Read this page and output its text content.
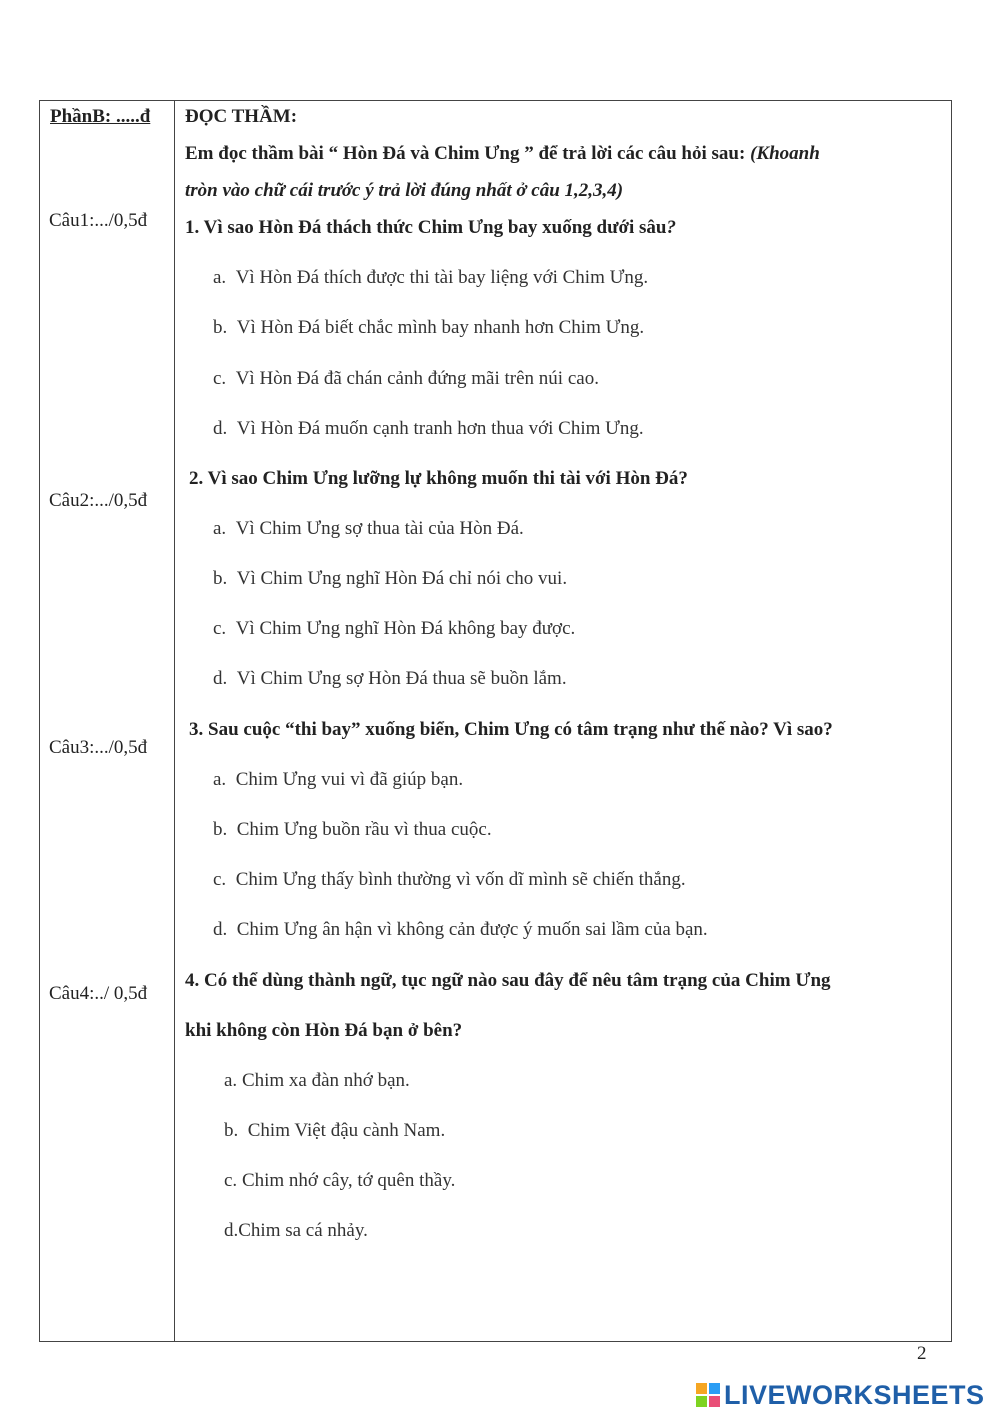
PhầnB: .....đ
Câu1:.../0,5đ
Câu2:.../0,5đ
Câu3:.../0,5đ
Câu4:../ 0,5đ
ĐỌC THẦM:
Em đọc thầm bài “ Hòn Đá và Chim Ưng ” để trả lời các câu hỏi sau: (Khoanh
tròn vào chữ cái trước ý trả lời đúng nhất ở câu 1,2,3,4)
1. Vì sao Hòn Đá thách thức Chim Ưng bay xuống dưới sâu?
a. Vì Hòn Đá thích được thi tài bay liệng với Chim Ưng.
b. Vì Hòn Đá biết chắc mình bay nhanh hơn Chim Ưng.
c. Vì Hòn Đá đã chán cảnh đứng mãi trên núi cao.
d. Vì Hòn Đá muốn cạnh tranh hơn thua với Chim Ưng.
2. Vì sao Chim Ưng lưỡng lự không muốn thi tài với Hòn Đá?
a. Vì Chim Ưng sợ thua tài của Hòn Đá.
b. Vì Chim Ưng nghĩ Hòn Đá chỉ nói cho vui.
c. Vì Chim Ưng nghĩ Hòn Đá không bay được.
d. Vì Chim Ưng sợ Hòn Đá thua sẽ buồn lắm.
3. Sau cuộc “thi bay” xuống biển, Chim Ưng có tâm trạng như thế nào? Vì sao?
a. Chim Ưng vui vì đã giúp bạn.
b. Chim Ưng buồn rầu vì thua cuộc.
c. Chim Ưng thấy bình thường vì vốn dĩ mình sẽ chiến thắng.
d. Chim Ưng ân hận vì không cản được ý muốn sai lầm của bạn.
4. Có thể dùng thành ngữ, tục ngữ nào sau đây để nêu tâm trạng của Chim Ưng
khi không còn Hòn Đá bạn ở bên?
a. Chim xa đàn nhớ bạn.
b. Chim Việt đậu cành Nam.
c. Chim nhớ cây, tớ quên thầy.
d.Chim sa cá nhảy.
2
LIVEWORKSHEETS
